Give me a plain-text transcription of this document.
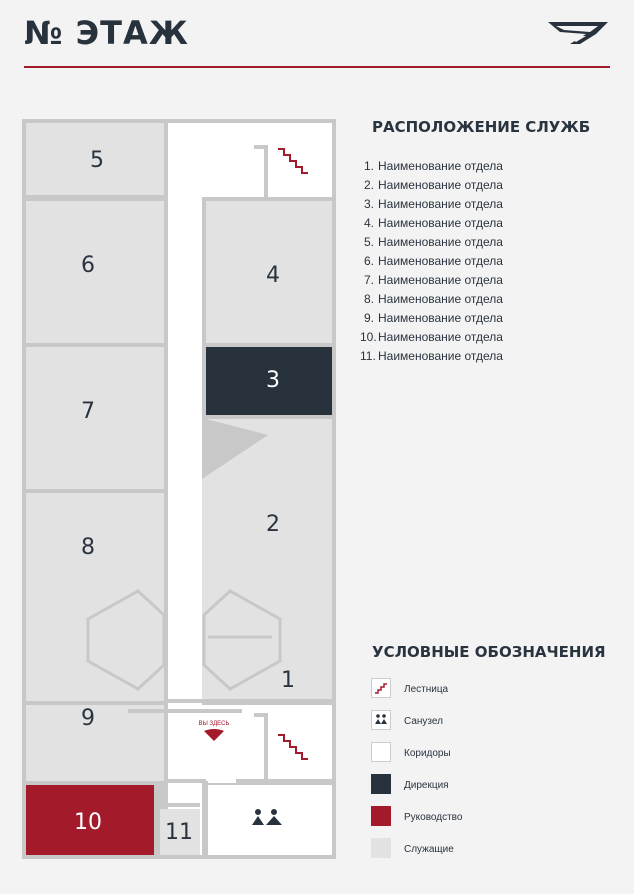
№ ЭТАЖ
ВЫ ЗДЕСЬ
5
6	4
3
7
2
8
1
9
10	11
РАСПОЛОЖЕНИЕ СЛУЖБ
1. Наименование отдела
2. Наименование отдела
3. Наименование отдела
4. Наименование отдела
5. Наименование отдела
6. Наименование отдела
7. Наименование отдела
8. Наименование отдела
9. Наименование отдела
10.Наименование отдела
11. Наименование отдела
УСЛОВНЫЕ ОБОЗНАЧЕНИЯ
Лестница
Санузел
Коридоры
Дирекция
Руководство
Служащие
